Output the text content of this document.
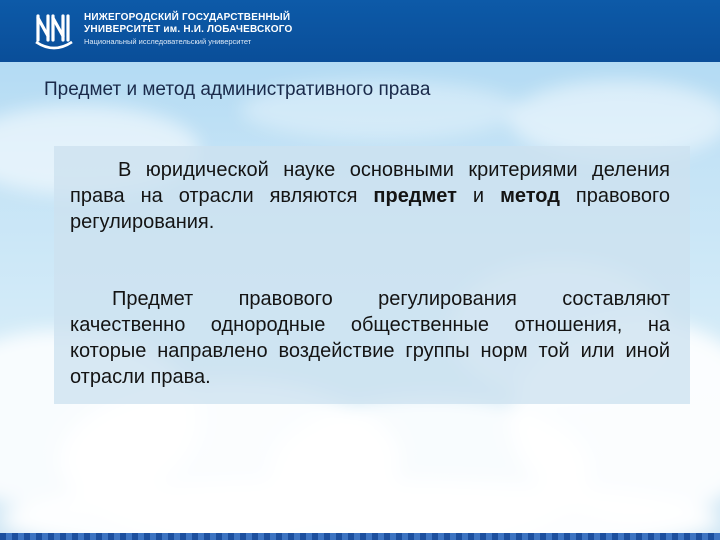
НИЖЕГОРОДСКИЙ ГОСУДАРСТВЕННЫЙ
УНИВЕРСИТЕТ им. Н.И. ЛОБАЧЕВСКОГО
Национальный исследовательский университет
Предмет и метод административного права

В юридической науке основными критериями деления права на отрасли являются предмет и метод правового регулирования.

Предмет правового регулирования составляют качественно однородные общественные отношения, на которые направлено воздействие группы норм той или иной отрасли права.
